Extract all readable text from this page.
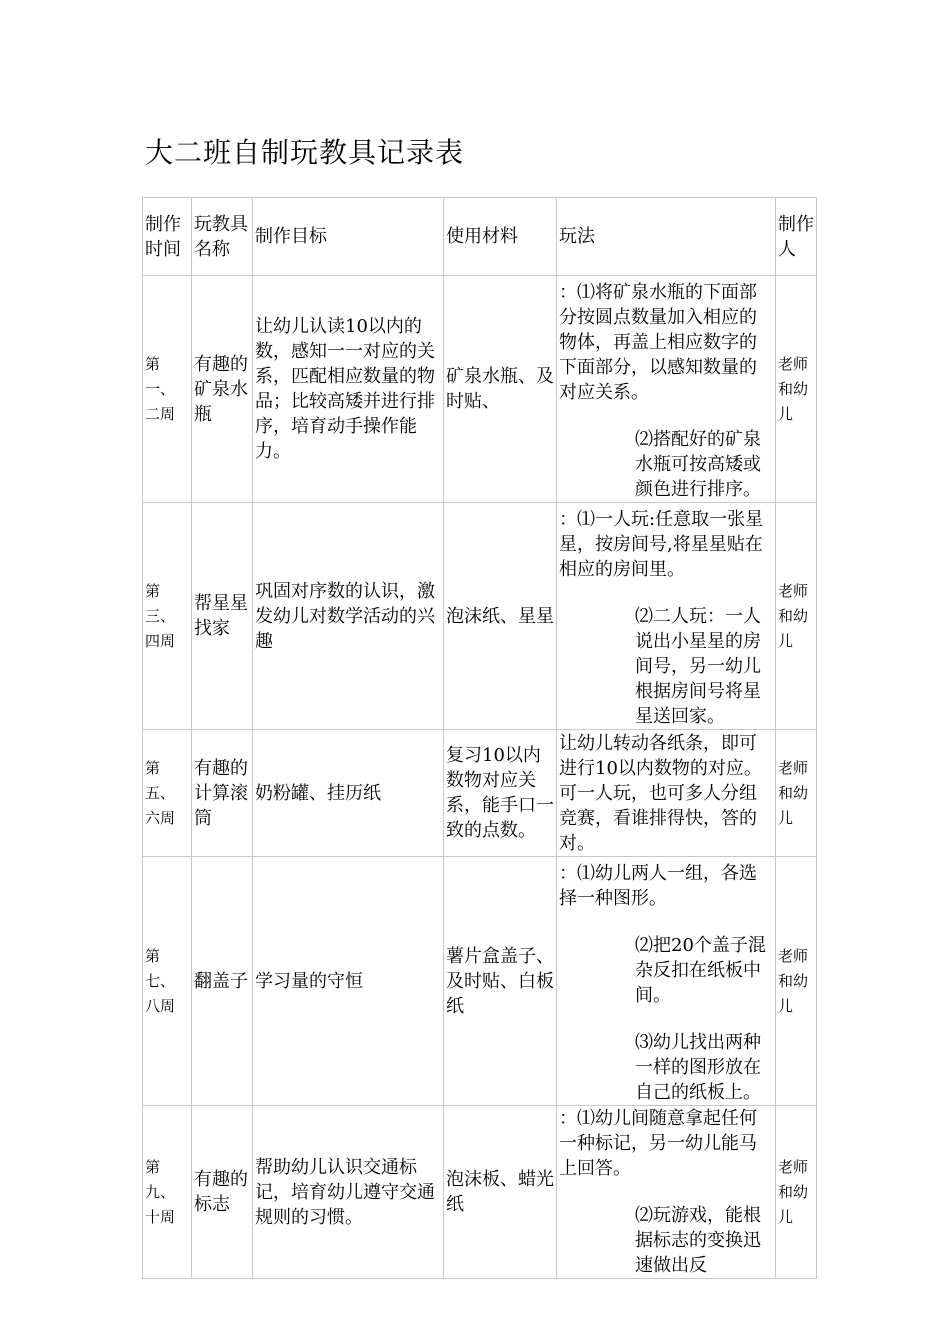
大二班自制玩教具记录表
制作时间	玩教具名称	制作目标	使用材料	玩法	制作人
第一、二周	有趣的矿泉水瓶	让幼儿认读10以内的数，感知一一对应的关系，匹配相应数量的物品；比较高矮并进行排序，培育动手操作能力。	矿泉水瓶、及时贴、	：⑴将矿泉水瓶的下面部分按圆点数量加入相应的物体，再盖上相应数字的下面部分，以感知数量的对应关系。
⑵搭配好的矿泉水瓶可按高矮或颜色进行排序。	老师和幼儿
第三、四周	帮星星找家	巩固对序数的认识，激发幼儿对数学活动的兴趣	泡沫纸、星星	：⑴一人玩:任意取一张星星，按房间号,将星星贴在相应的房间里。
⑵二人玩：一人说出小星星的房间号，另一幼儿根据房间号将星星送回家。	老师和幼儿
第五、六周	有趣的计算滚筒	奶粉罐、挂历纸	复习10以内数物对应关系，能手口一致的点数。	让幼儿转动各纸条，即可进行10以内数物的对应。可一人玩，也可多人分组竞赛，看谁排得快，答的对。	老师和幼儿
第七、八周	翻盖子	学习量的守恒	薯片盒盖子、及时贴、白板纸	：⑴幼儿两人一组，各选择一种图形。
⑵把20个盖子混杂反扣在纸板中间。
⑶幼儿找出两种一样的图形放在自己的纸板上。	老师和幼儿
第九、十周	有趣的标志	帮助幼儿认识交通标记，培育幼儿遵守交通规则的习惯。	泡沫板、蜡光纸	：⑴幼儿间随意拿起任何一种标记，另一幼儿能马上回答。
⑵玩游戏，能根据标志的变换迅速做出反	老师和幼儿
